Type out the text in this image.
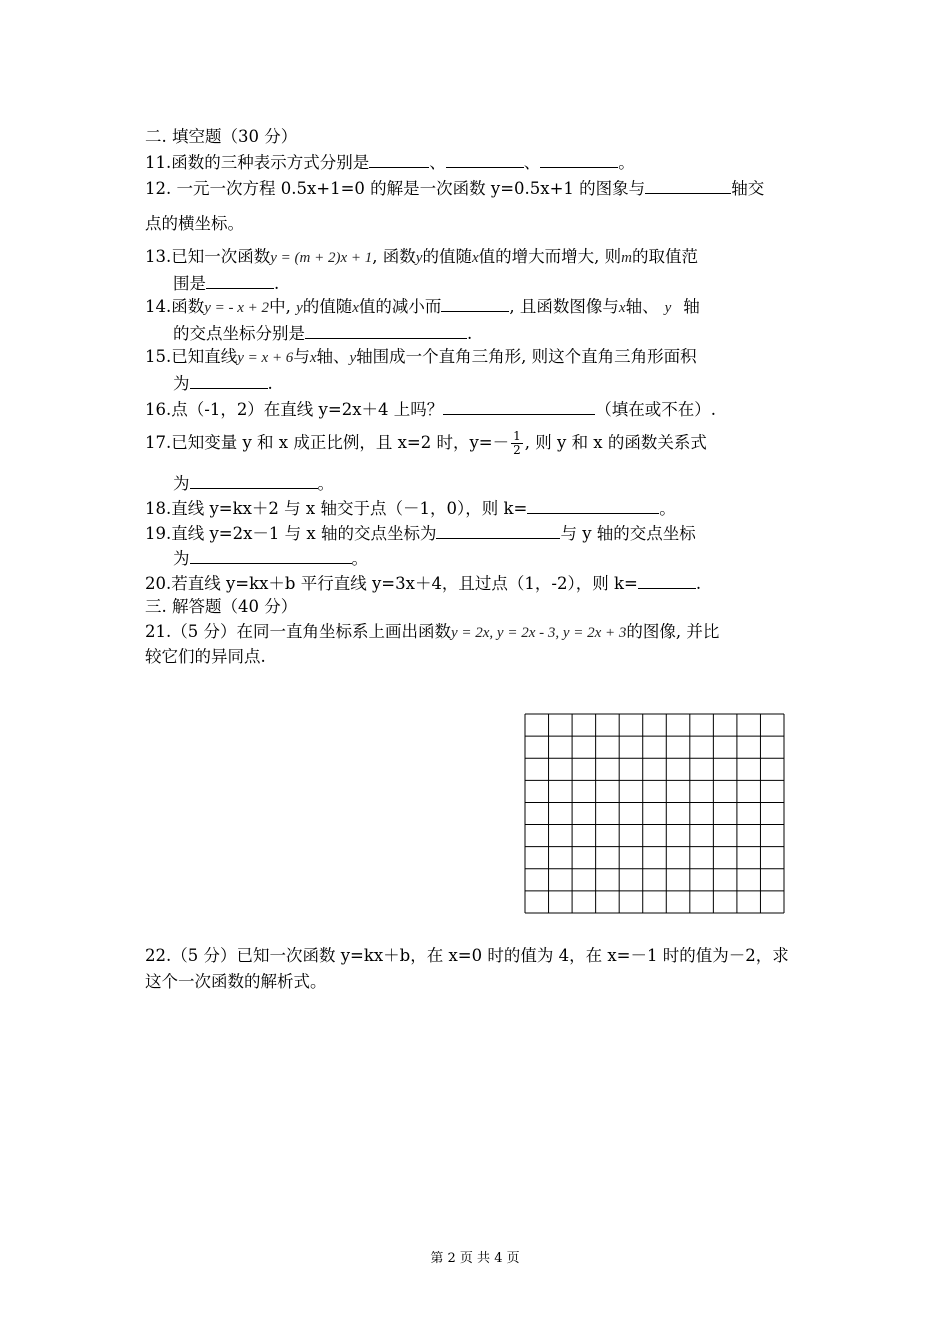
二. 填空题（30 分）
11.函数的三种表示方式分别是	、	、	。
12. 一元一次方程 0.5x+1=0 的解是一次函数 y=0.5x+1 的图象与	轴交
点的横坐标。
13.已知一次函数y = (m + 2)x + 1, 函数y的值随x值的增大而增大, 则m的取值范
围是	.
14.函数y = - x + 2中, y的值随x值的减小而	, 且函数图像与x轴、 y 轴
的交点坐标分别是	.
15.已知直线y = x + 6与x轴、y轴围成一个直角三角形, 则这个直角三角形面积
为	.
16.点（-1，2）在直线 y=2x＋4 上吗？	（填在或不在）.
17.已知变量 y 和 x 成正比例，且 x=2 时，$y=- \frac{1}{2}$ , 则 y 和 x 的函数关系式
为	。
18.直线 y=kx＋2 与 x 轴交于点（－1，0），则 k=	。
19.直线 y=2x－1 与 x 轴的交点坐标为	与 y 轴的交点坐标
为	。
20.若直线 y=kx＋b 平行直线 y=3x＋4，且过点（1，-2），则 k=	.
三. 解答题（40 分）
21.（5 分）在同一直角坐标系上画出函数y = 2x, y = 2x - 3, y = 2x + 3的图像, 并比
较它们的异同点.
22.（5 分）已知一次函数 y=kx＋b，在 x=0 时的值为 4，在 x=－1 时的值为－2，求
这个一次函数的解析式。
第 2 页 共 4 页
